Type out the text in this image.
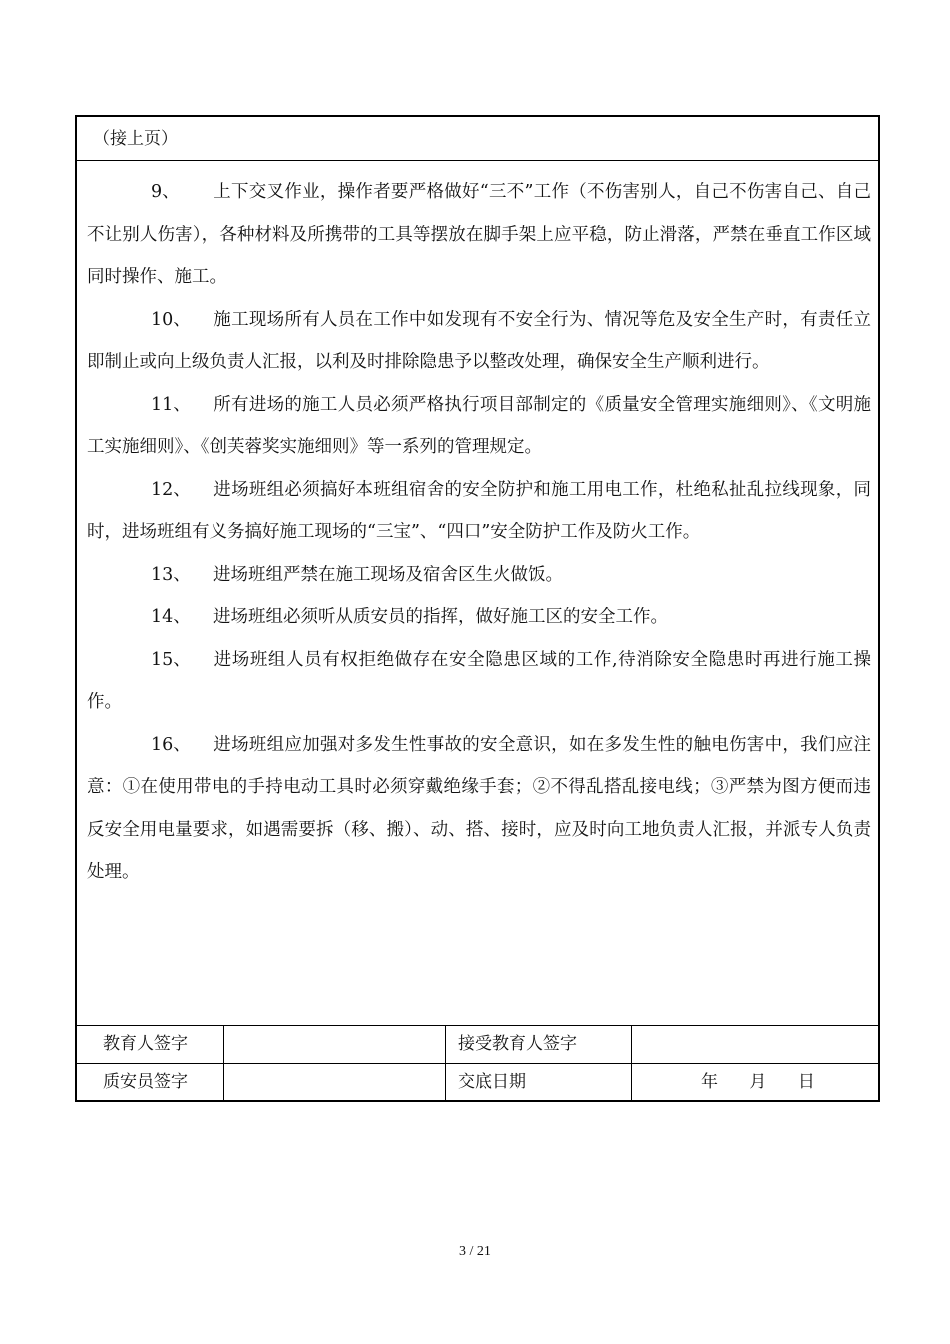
（接上页）

9、 上下交叉作业，操作者要严格做好“三不”工作（不伤害别人，自己不伤害自己、自己不让别人伤害），各种材料及所携带的工具等摆放在脚手架上应平稳，防止滑落，严禁在垂直工作区域同时操作、施工。

10、 施工现场所有人员在工作中如发现有不安全行为、情况等危及安全生产时，有责任立即制止或向上级负责人汇报，以利及时排除隐患予以整改处理，确保安全生产顺利进行。

11、 所有进场的施工人员必须严格执行项目部制定的《质量安全管理实施细则》、《文明施工实施细则》、《创芙蓉奖实施细则》等一系列的管理规定。

12、 进场班组必须搞好本班组宿舍的安全防护和施工用电工作，杜绝私扯乱拉线现象，同时，进场班组有义务搞好施工现场的“三宝”、“四口”安全防护工作及防火工作。

13、 进场班组严禁在施工现场及宿舍区生火做饭。

14、 进场班组必须听从质安员的指挥，做好施工区的安全工作。

15、 进场班组人员有权拒绝做存在安全隐患区域的工作,待消除安全隐患时再进行施工操作。

16、 进场班组应加强对多发生性事故的安全意识，如在多发生性的触电伤害中，我们应注意：①在使用带电的手持电动工具时必须穿戴绝缘手套；②不得乱搭乱接电线；③严禁为图方便而违反安全用电量要求，如遇需要拆（移、搬）、动、搭、接时，应及时向工地负责人汇报，并派专人负责处理。

教育人签字	接受教育人签字
质安员签字	交底日期	年 月 日
3 / 21
